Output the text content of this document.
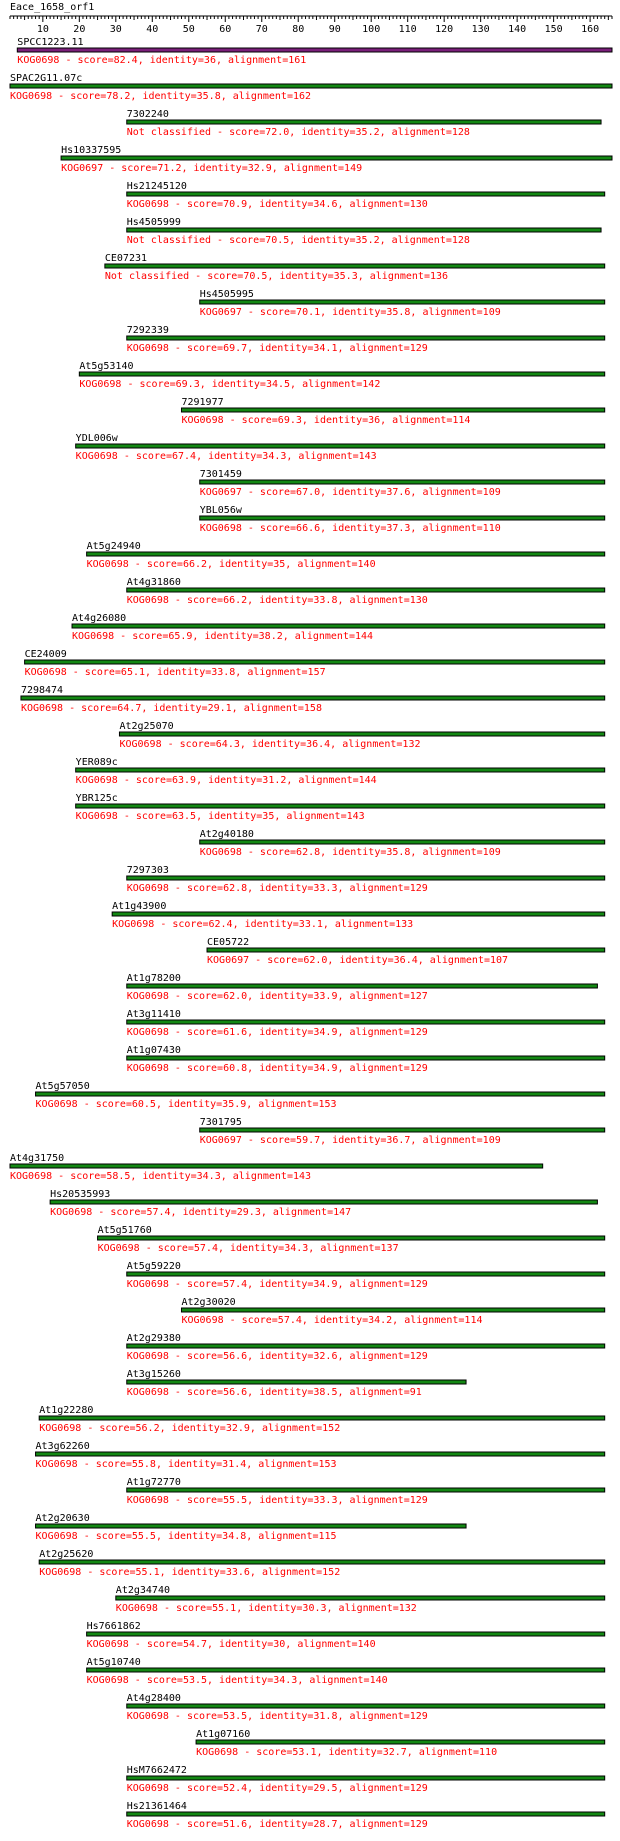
Eace_1658_orf1
10 20 30 40 50 60 70 80 90 100 110 120 130 140 150 160
SPCC1223.11
KOG0698 - score=82.4, identity=36, alignment=161
SPAC2G11.07c
KOG0698 - score=78.2, identity=35.8, alignment=162
7302240
Not classified - score=72.0, identity=35.2, alignment=128
Hs10337595
KOG0697 - score=71.2, identity=32.9, alignment=149
Hs21245120
KOG0698 - score=70.9, identity=34.6, alignment=130
Hs4505999
Not classified - score=70.5, identity=35.2, alignment=128
CE07231
Not classified - score=70.5, identity=35.3, alignment=136
Hs4505995
KOG0697 - score=70.1, identity=35.8, alignment=109
7292339
KOG0698 - score=69.7, identity=34.1, alignment=129
At5g53140
KOG0698 - score=69.3, identity=34.5, alignment=142
7291977
KOG0698 - score=69.3, identity=36, alignment=114
YDL006w
KOG0698 - score=67.4, identity=34.3, alignment=143
7301459
KOG0697 - score=67.0, identity=37.6, alignment=109
YBL056w
KOG0698 - score=66.6, identity=37.3, alignment=110
At5g24940
KOG0698 - score=66.2, identity=35, alignment=140
At4g31860
KOG0698 - score=66.2, identity=33.8, alignment=130
At4g26080
KOG0698 - score=65.9, identity=38.2, alignment=144
CE24009
KOG0698 - score=65.1, identity=33.8, alignment=157
7298474
KOG0698 - score=64.7, identity=29.1, alignment=158
At2g25070
KOG0698 - score=64.3, identity=36.4, alignment=132
YER089c
KOG0698 - score=63.9, identity=31.2, alignment=144
YBR125c
KOG0698 - score=63.5, identity=35, alignment=143
At2g40180
KOG0698 - score=62.8, identity=35.8, alignment=109
7297303
KOG0698 - score=62.8, identity=33.3, alignment=129
At1g43900
KOG0698 - score=62.4, identity=33.1, alignment=133
CE05722
KOG0697 - score=62.0, identity=36.4, alignment=107
At1g78200
KOG0698 - score=62.0, identity=33.9, alignment=127
At3g11410
KOG0698 - score=61.6, identity=34.9, alignment=129
At1g07430
KOG0698 - score=60.8, identity=34.9, alignment=129
At5g57050
KOG0698 - score=60.5, identity=35.9, alignment=153
7301795
KOG0697 - score=59.7, identity=36.7, alignment=109
At4g31750
KOG0698 - score=58.5, identity=34.3, alignment=143
Hs20535993
KOG0698 - score=57.4, identity=29.3, alignment=147
At5g51760
KOG0698 - score=57.4, identity=34.3, alignment=137
At5g59220
KOG0698 - score=57.4, identity=34.9, alignment=129
At2g30020
KOG0698 - score=57.4, identity=34.2, alignment=114
At2g29380
KOG0698 - score=56.6, identity=32.6, alignment=129
At3g15260
KOG0698 - score=56.6, identity=38.5, alignment=91
At1g22280
KOG0698 - score=56.2, identity=32.9, alignment=152
At3g62260
KOG0698 - score=55.8, identity=31.4, alignment=153
At1g72770
KOG0698 - score=55.5, identity=33.3, alignment=129
At2g20630
KOG0698 - score=55.5, identity=34.8, alignment=115
At2g25620
KOG0698 - score=55.1, identity=33.6, alignment=152
At2g34740
KOG0698 - score=55.1, identity=30.3, alignment=132
Hs7661862
KOG0698 - score=54.7, identity=30, alignment=140
At5g10740
KOG0698 - score=53.5, identity=34.3, alignment=140
At4g28400
KOG0698 - score=53.5, identity=31.8, alignment=129
At1g07160
KOG0698 - score=53.1, identity=32.7, alignment=110
HsM7662472
KOG0698 - score=52.4, identity=29.5, alignment=129
Hs21361464
KOG0698 - score=51.6, identity=28.7, alignment=129
